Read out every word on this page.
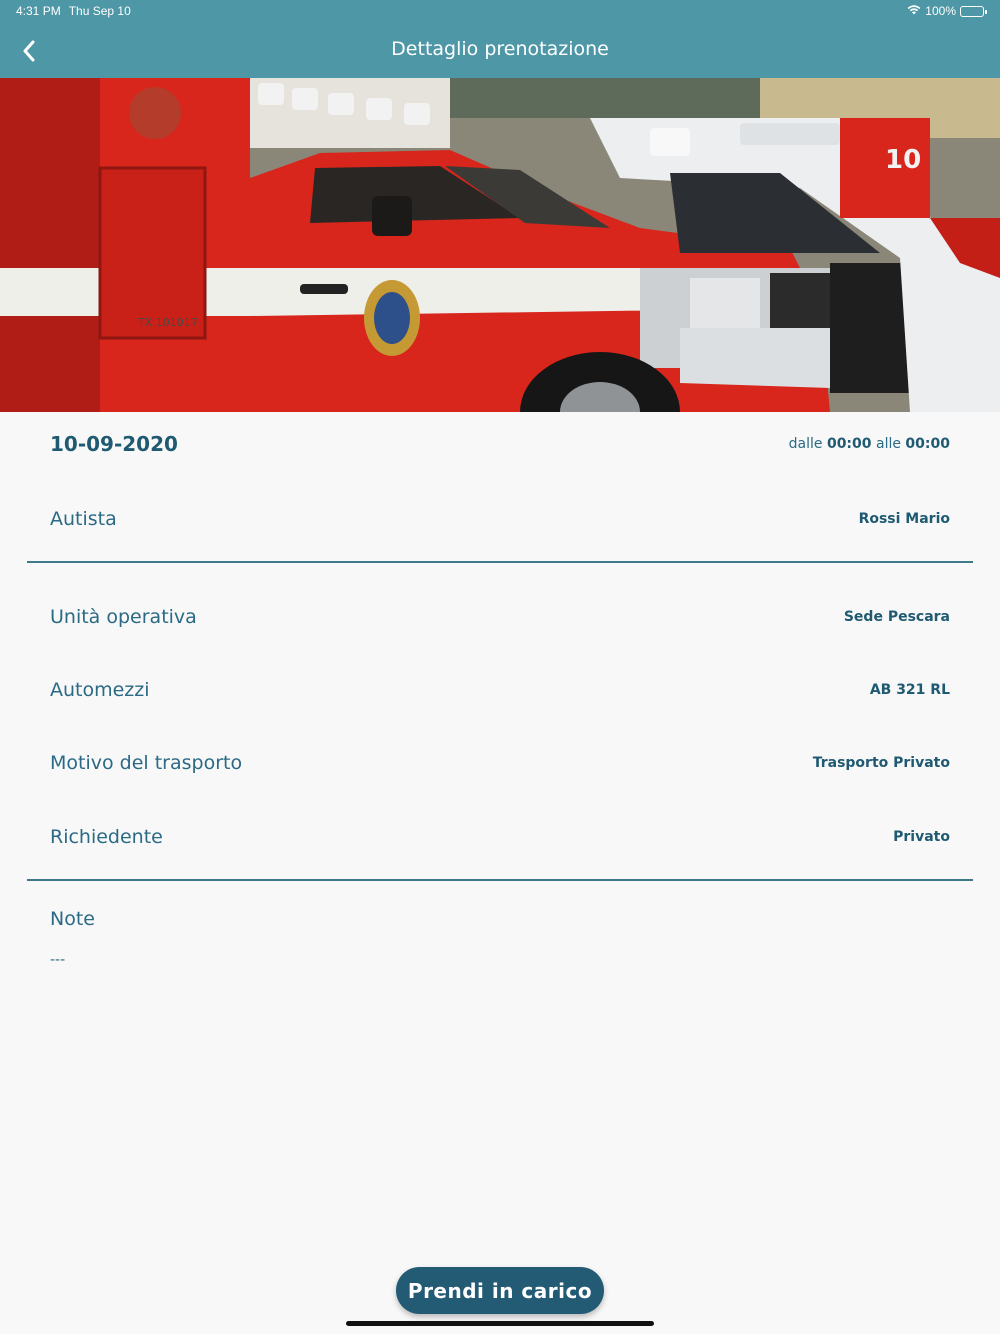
4:31 PM Thu Sep 10	100%
Dettaglio prenotazione
TX 101017
10
10-09-2020	dalle 00:00 alle 00:00
Autista	Rossi Mario
Unità operativa	Sede Pescara
Automezzi	AB 321 RL
Motivo del trasporto	Trasporto Privato
Richiedente	Privato
Note
---
Prendi in carico
